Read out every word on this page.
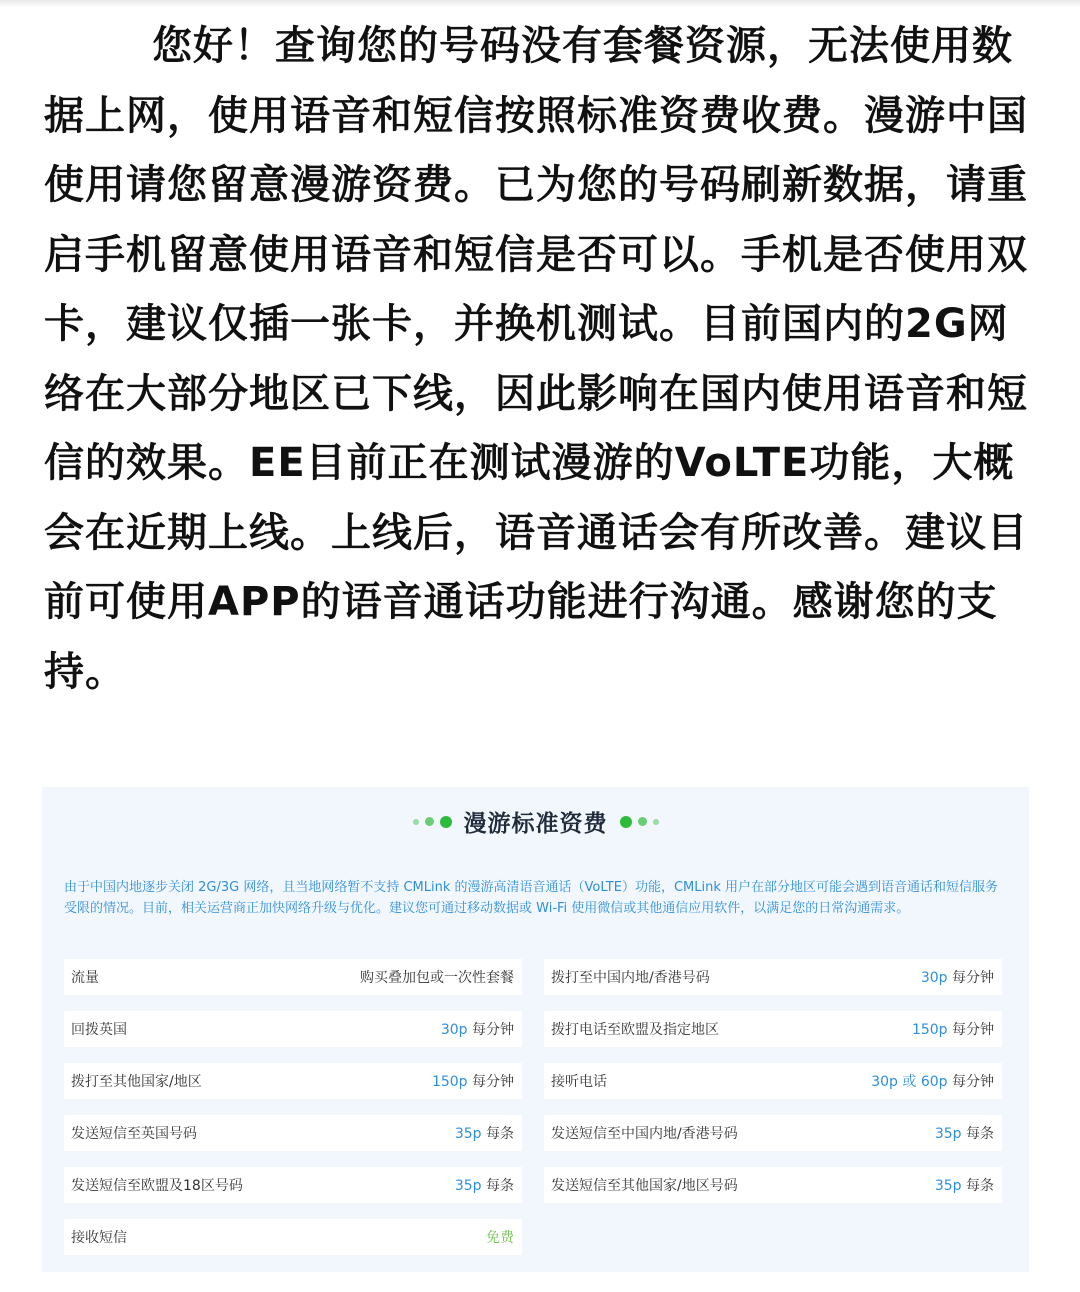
您好！查询您的号码没有套餐资源，无法使用数据上网，使用语音和短信按照标准资费收费。漫游中国使用请您留意漫游资费。已为您的号码刷新数据，请重启手机留意使用语音和短信是否可以。手机是否使用双卡，建议仅插一张卡，并换机测试。目前国内的2G网络在大部分地区已下线，因此影响在国内使用语音和短信的效果。EE目前正在测试漫游的VoLTE功能，大概会在近期上线。上线后，语音通话会有所改善。建议目前可使用APP的语音通话功能进行沟通。感谢您的支持。

漫游标准资费

由于中国内地逐步关闭 2G/3G 网络，且当地网络暂不支持 CMLink 的漫游高清语音通话（VoLTE）功能，CMLink 用户在部分地区可能会遇到语音通话和短信服务受限的情况。目前，相关运营商正加快网络升级与优化。建议您可通过移动数据或 Wi-Fi 使用微信或其他通信应用软件，以满足您的日常沟通需求。

流量	购买叠加包或一次性套餐	拨打至中国内地/香港号码	30p 每分钟
回拨英国	30p 每分钟	拨打电话至欧盟及指定地区	150p 每分钟
拨打至其他国家/地区	150p 每分钟	接听电话	30p 或 60p 每分钟
发送短信至英国号码	35p 每条	发送短信至中国内地/香港号码	35p 每条
发送短信至欧盟及18区号码	35p 每条	发送短信至其他国家/地区号码	35p 每条
接收短信	免费
